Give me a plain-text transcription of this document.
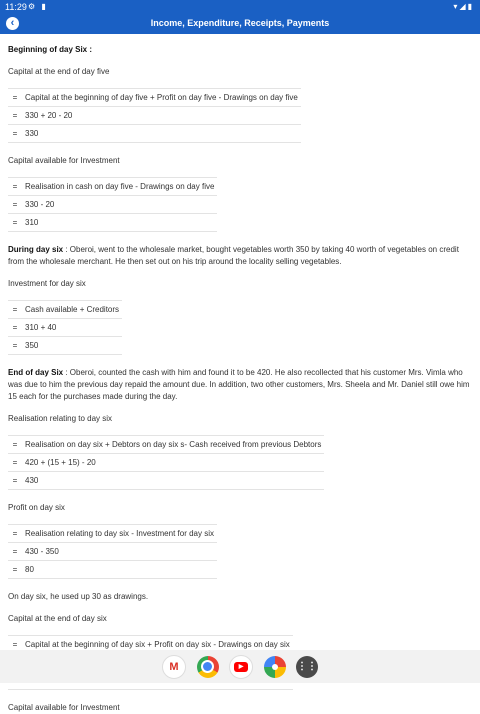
11:29 ⚙ ▮	▾◢▮
‹	Income, Expenditure, Receipts, Payments

Beginning of day Six :

Capital at the end of day five

=	Capital at the beginning of day five + Profit on day five - Drawings on day five
=	330 + 20 - 20
=	330

Capital available for Investment

=	Realisation in cash on day five - Drawings on day five
=	330 - 20
=	310

During day six : Oberoi, went to the wholesale market, bought vegetables worth 350 by taking 40 worth of vegetables on credit from the wholesale merchant. He then set out on his trip around the locality selling vegetables.

Investment for day six

=	Cash available + Creditors
=	310 + 40
=	350

End of day Six : Oberoi, counted the cash with him and found it to be 420. He also recollected that his customer Mrs. Vimla who was due to him the previous day repaid the amount due. In addition, two other customers, Mrs. Sheela and Mr. Daniel still owe him 15 each for the purchases made during the day.

Realisation relating to day six

=	Realisation on day six + Debtors on day six s- Cash received from previous Debtors
=	420 + (15 + 15) - 20
=	430

Profit on day six

=	Realisation relating to day six - Investment for day six
=	430 - 350
=	80

On day six, he used up 30 as drawings.

Capital at the end of day six

=	Capital at the beginning of day six + Profit on day six - Drawings on day six

Capital available for Investment

M	▶	⋮⋮
